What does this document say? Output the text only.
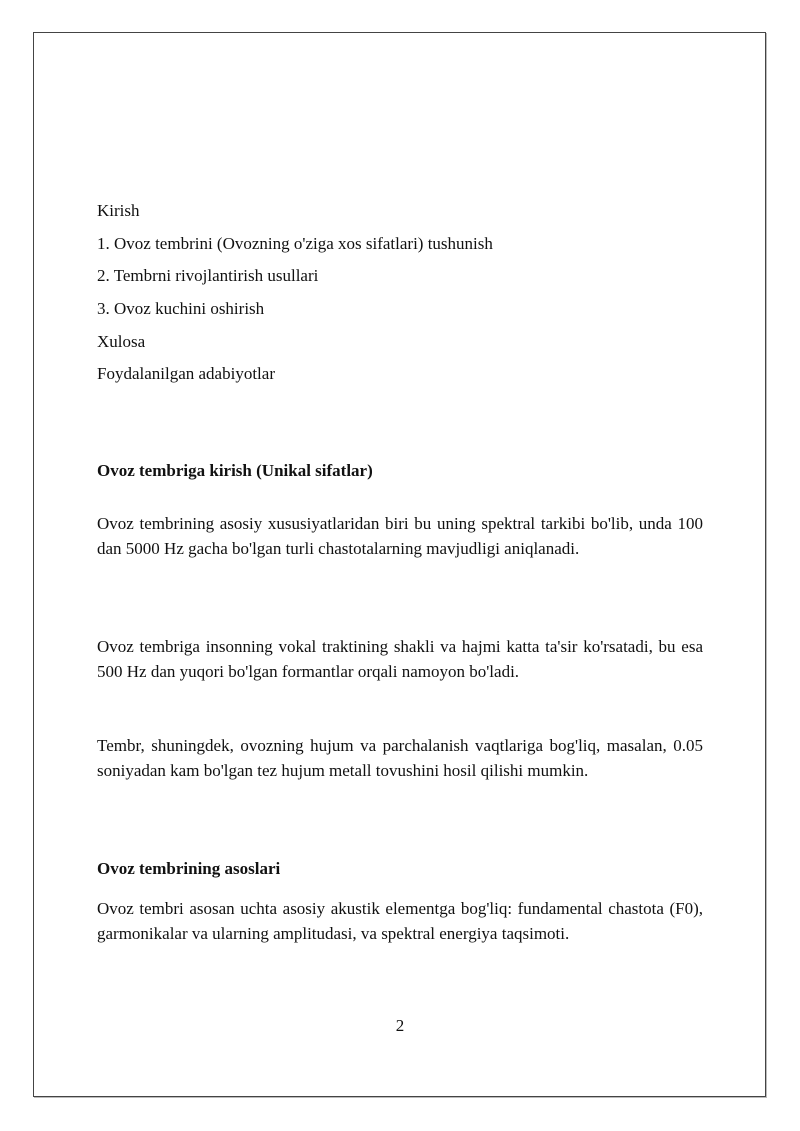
Kirish
1. Ovoz tembrini (Ovozning o'ziga xos sifatlari) tushunish
2. Tembrni rivojlantirish usullari
3. Ovoz kuchini oshirish
Xulosa
Foydalanilgan adabiyotlar
Ovoz tembriga kirish (Unikal sifatlar)
Ovoz tembrining asosiy xususiyatlaridan biri bu uning spektral tarkibi bo'lib, unda 100 dan 5000 Hz gacha bo'lgan turli chastotalarning mavjudligi aniqlanadi.
Ovoz tembriga insonning vokal traktining shakli va hajmi katta ta'sir ko'rsatadi, bu esa 500 Hz dan yuqori bo'lgan formantlar orqali namoyon bo'ladi.
Tembr, shuningdek, ovozning hujum va parchalanish vaqtlariga bog'liq, masalan, 0.05 soniyadan kam bo'lgan tez hujum metall tovushini hosil qilishi mumkin.
Ovoz tembrining asoslari
Ovoz tembri asosan uchta asosiy akustik elementga bog'liq: fundamental chastota (F0), garmonikalar va ularning amplitudasi, va spektral energiya taqsimoti.
2
